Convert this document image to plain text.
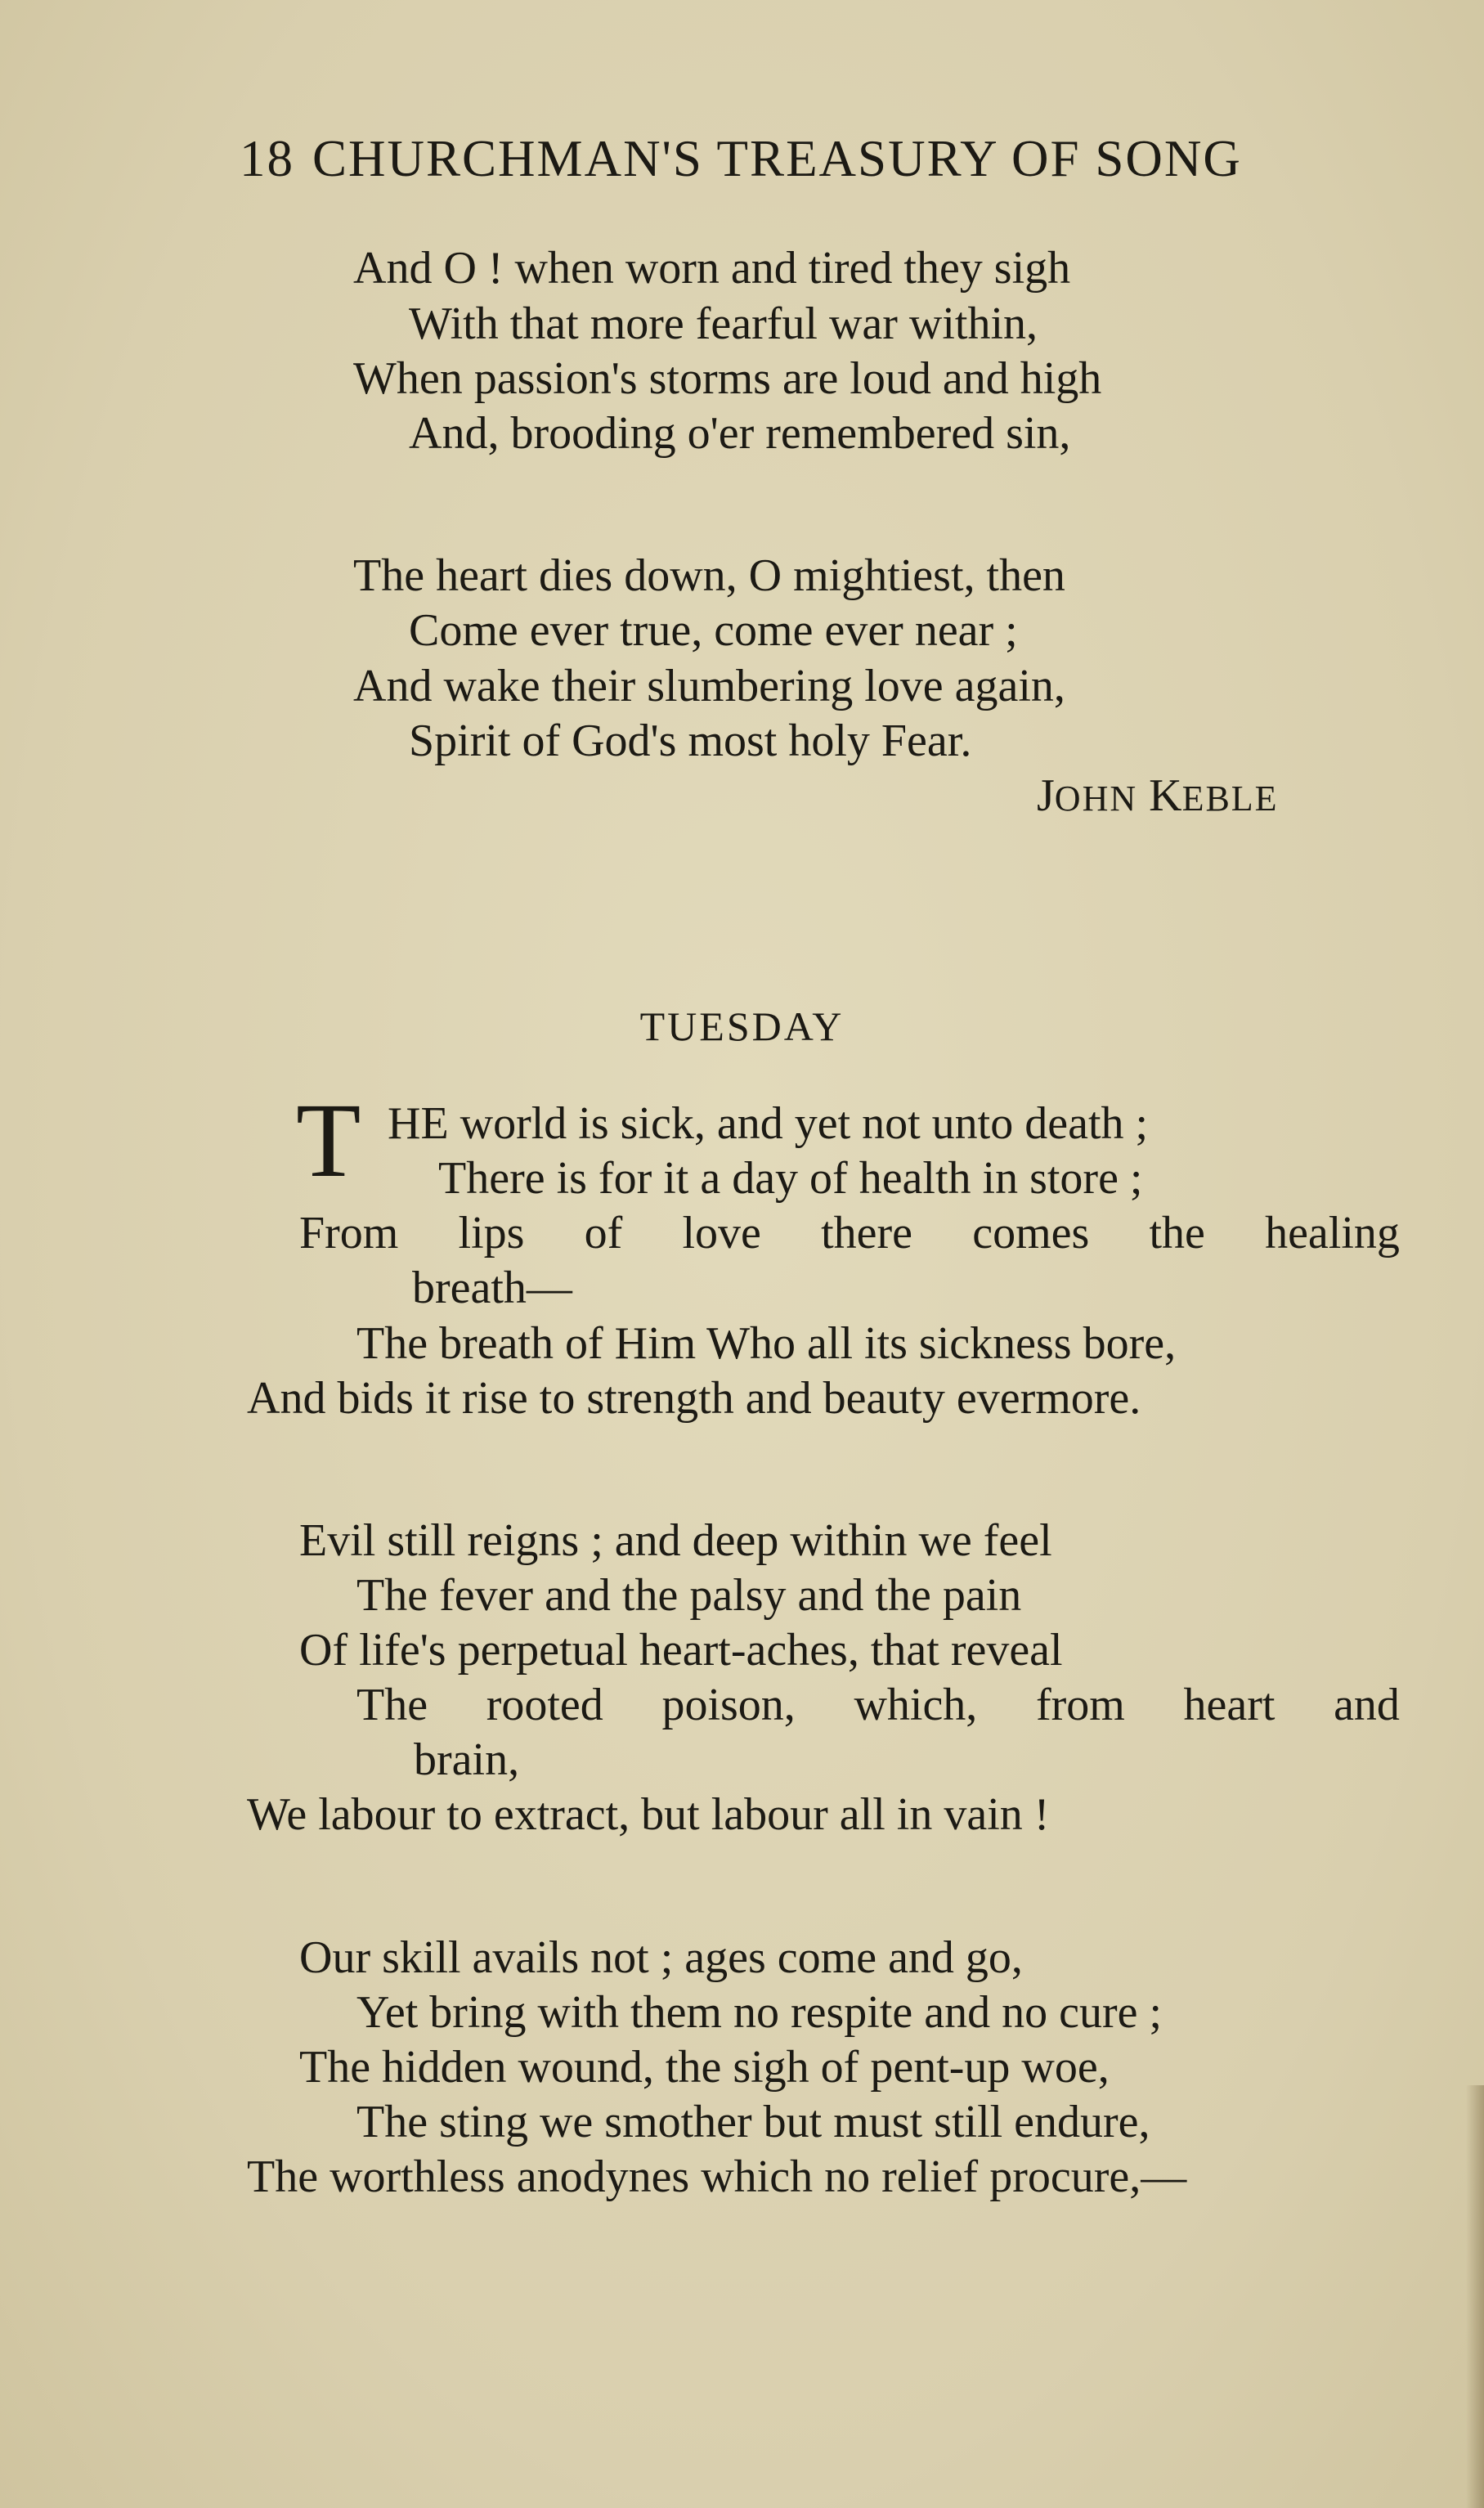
18 CHURCHMAN'S TREASURY OF SONG
And O ! when worn and tired they sigh
With that more fearful war within,
When passion's storms are loud and high
And, brooding o'er remembered sin,
The heart dies down, O mightiest, then
Come ever true, come ever near ;
And wake their slumbering love again,
Spirit of God's most holy Fear.
JOHN KEBLE
TUESDAY
T HE world is sick, and yet not unto death ;
There is for it a day of health in store ;
From lips of love there comes the healing
breath—
The breath of Him Who all its sickness bore,
And bids it rise to strength and beauty evermore.
Evil still reigns ; and deep within we feel
The fever and the palsy and the pain
Of life's perpetual heart-aches, that reveal
The rooted poison, which, from heart and
brain,
We labour to extract, but labour all in vain !
Our skill avails not ; ages come and go,
Yet bring with them no respite and no cure ;
The hidden wound, the sigh of pent-up woe,
The sting we smother but must still endure,
The worthless anodynes which no relief procure,—
